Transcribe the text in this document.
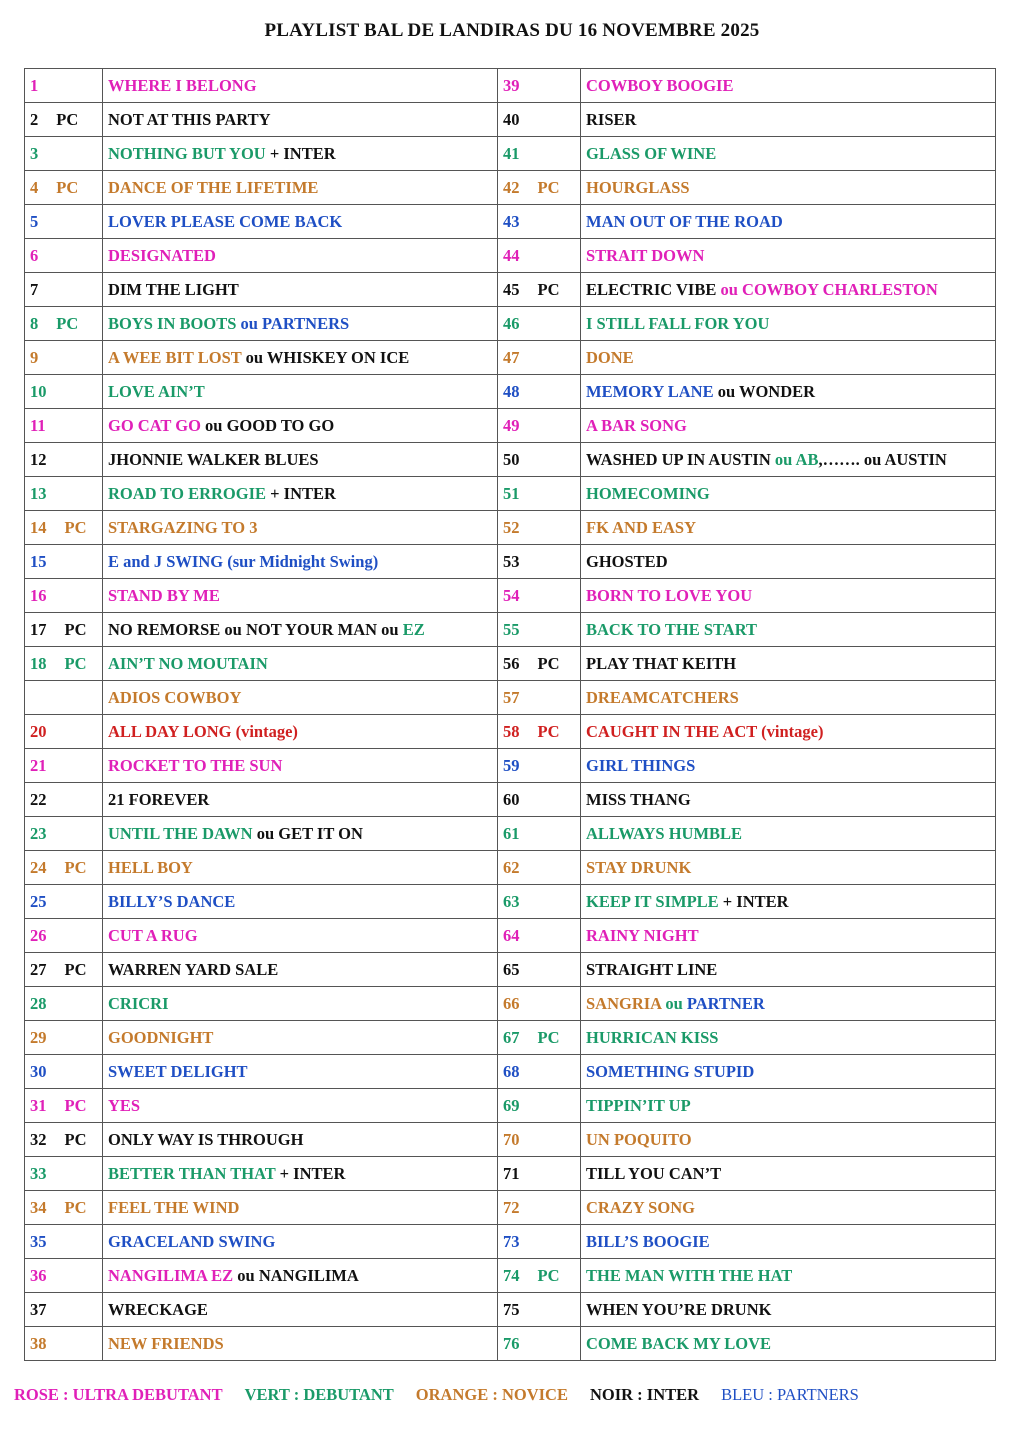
PLAYLIST BAL DE LANDIRAS DU 16 NOVEMBRE 2025
1	WHERE I BELONG	39	COWBOY BOOGIE
2 PC	NOT AT THIS PARTY	40	RISER
3	NOTHING BUT YOU + INTER	41	GLASS OF WINE
4 PC	DANCE OF THE LIFETIME	42 PC	HOURGLASS
5	LOVER PLEASE COME BACK	43	MAN OUT OF THE ROAD
6	DESIGNATED	44	STRAIT DOWN
7	DIM THE LIGHT	45 PC	ELECTRIC VIBE ou COWBOY CHARLESTON
8 PC	BOYS IN BOOTS ou PARTNERS	46	I STILL FALL FOR YOU
9	A WEE BIT LOST ou WHISKEY ON ICE	47	DONE
10	LOVE AIN’T	48	MEMORY LANE ou WONDER
11	GO CAT GO ou GOOD TO GO	49	A BAR SONG
12	JHONNIE WALKER BLUES	50	WASHED UP IN AUSTIN ou AB,……. ou AUSTIN
13	ROAD TO ERROGIE + INTER	51	HOMECOMING
14 PC	STARGAZING TO 3	52	FK AND EASY
15	E and J SWING (sur Midnight Swing)	53	GHOSTED
16	STAND BY ME	54	BORN TO LOVE YOU
17 PC	NO REMORSE ou NOT YOUR MAN ou EZ	55	BACK TO THE START
18 PC	AIN’T NO MOUTAIN	56 PC	PLAY THAT KEITH
	ADIOS COWBOY	57	DREAMCATCHERS
20	ALL DAY LONG (vintage)	58 PC	CAUGHT IN THE ACT (vintage)
21	ROCKET TO THE SUN	59	GIRL THINGS
22	21 FOREVER	60	MISS THANG
23	UNTIL THE DAWN ou GET IT ON	61	ALLWAYS HUMBLE
24 PC	HELL BOY	62	STAY DRUNK
25	BILLY’S DANCE	63	KEEP IT SIMPLE + INTER
26	CUT A RUG	64	RAINY NIGHT
27 PC	WARREN YARD SALE	65	STRAIGHT LINE
28	CRICRI	66	SANGRIA ou PARTNER
29	GOODNIGHT	67 PC	HURRICAN KISS
30	SWEET DELIGHT	68	SOMETHING STUPID
31 PC	YES	69	TIPPIN’IT UP
32 PC	ONLY WAY IS THROUGH	70	UN POQUITO
33	BETTER THAN THAT + INTER	71	TILL YOU CAN’T
34 PC	FEEL THE WIND	72	CRAZY SONG
35	GRACELAND SWING	73	BILL’S BOOGIE
36	NANGILIMA EZ ou NANGILIMA	74 PC	THE MAN WITH THE HAT
37	WRECKAGE	75	WHEN YOU’RE DRUNK
38	NEW FRIENDS	76	COME BACK MY LOVE
ROSE : ULTRA DEBUTANT VERT : DEBUTANT ORANGE : NOVICE NOIR : INTER BLEU : PARTNERS
